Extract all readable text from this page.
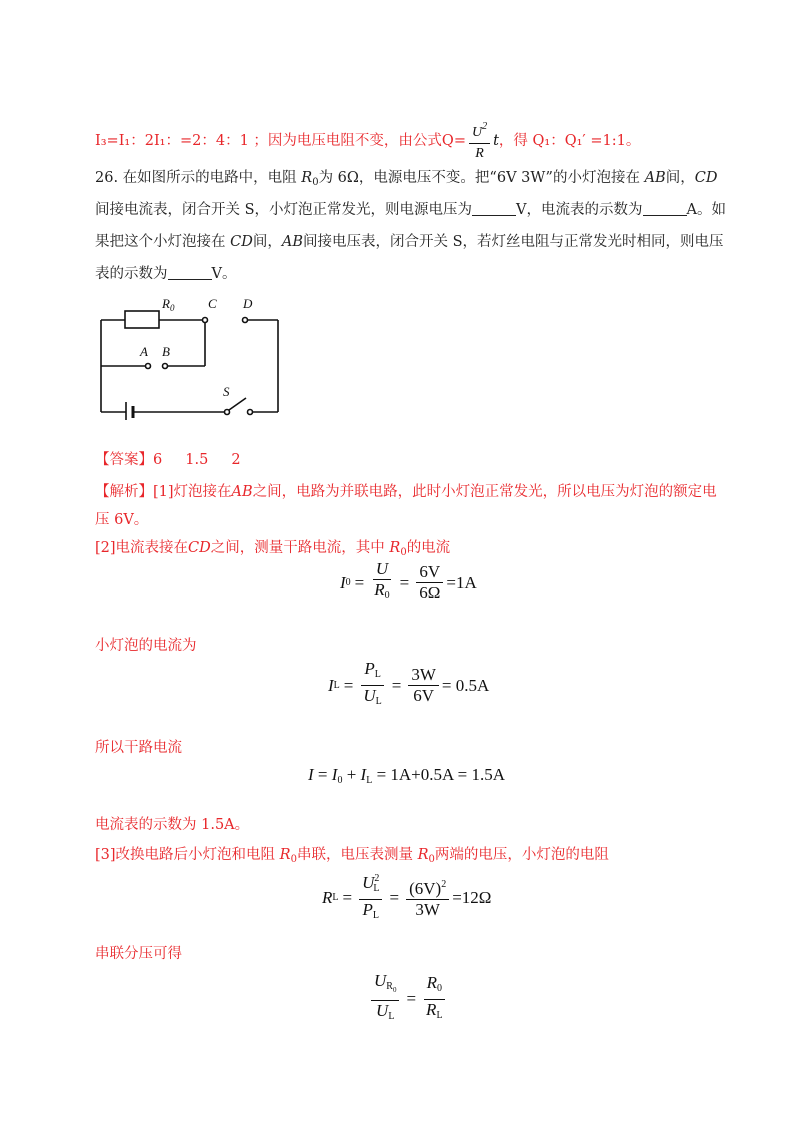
I₃=I₁：2I₁：=2：4：1 ；因为电压电阻不变，由公式$Q= \frac{U^2}{R}$ t ，得 Q₁：Q₁′ =1:1。
26. 在如图所示的电路中，电阻 $R_0$为 6Ω，电源电压不变。把“6V 3W”的小灯泡接在 AB间，CD
间接电流表，闭合开关 S，小灯泡正常发光，则电源电压为	V，电流表的示数为	A。如
果把这个小灯泡接在 CD间，AB间接电压表，闭合开关 S，若灯丝电阻与正常发光时相同，则电压
表的示数为	V。
$R_0$	C D
A B
S
【答案】6     1.5     2
【解析】[1]灯泡接在AB之间，电路为并联电路，此时小灯泡正常发光，所以电压为灯泡的额定电
压 6V。
[2]电流表接在CD之间，测量干路电流，其中 $R_0$的电流
I $0 = \frac{U}{R_0} = \frac{6V}{6\Omega} =1A$
小灯泡的电流为
I $L = \frac{P_L}{U_L} = \frac{3W}{6V} = 0.5A$
所以干路电流
$I = I_0 + I_L = 1A+0.5A = 1.5A$
电流表的示数为 1.5A。
[3]改换电路后小灯泡和电阻 $R_0$串联，电压表测量 $R_0$两端的电压，小灯泡的电阻
R $L = \frac{U^2_L}{P_L} = \frac{(6V)^2}{3W} =12\Omega$
串联分压可得
$\frac{U_{R0}}{U_L} = \frac{R_0}{R_L}$
